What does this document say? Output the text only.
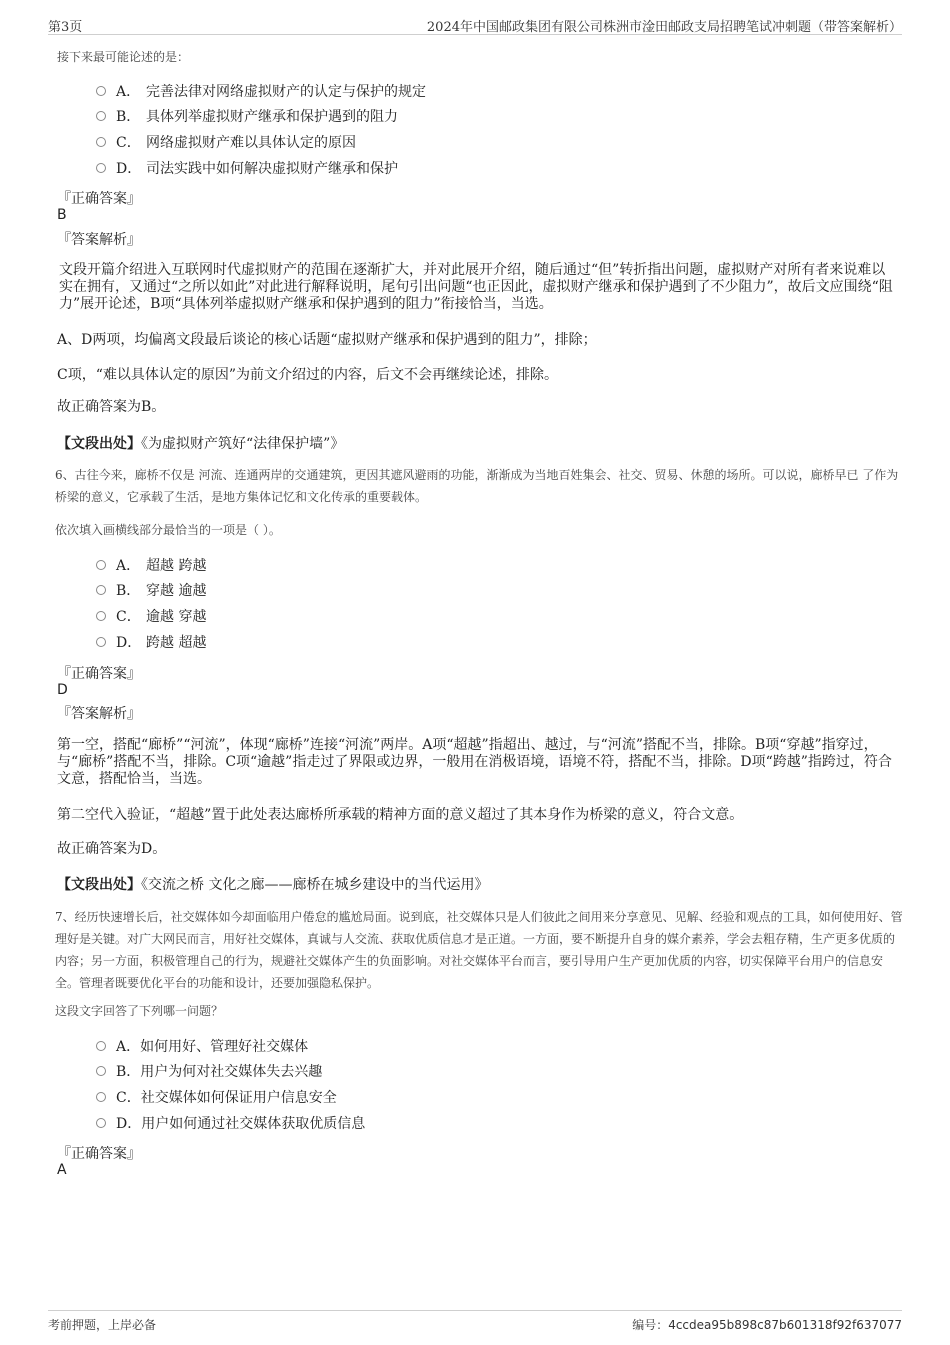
第3页	2024年中国邮政集团有限公司株洲市淦田邮政支局招聘笔试冲刺题（带答案解析）
接下来最可能论述的是：
A． 完善法律对网络虚拟财产的认定与保护的规定
B． 具体列举虚拟财产继承和保护遇到的阻力
C． 网络虚拟财产难以具体认定的原因
D． 司法实践中如何解决虚拟财产继承和保护
『正确答案』
B
『答案解析』
文段开篇介绍进入互联网时代虚拟财产的范围在逐渐扩大，并对此展开介绍，随后通过“但”转折指出问题，虚拟财产对所有者来说难以实在拥有，又通过“之所以如此”对此进行解释说明，尾句引出问题“也正因此，虚拟财产继承和保护遇到了不少阻力”，故后文应围绕“阻力”展开论述，B项“具体列举虚拟财产继承和保护遇到的阻力”衔接恰当，当选。
A、D两项，均偏离文段最后谈论的核心话题“虚拟财产继承和保护遇到的阻力”，排除；
C项，“难以具体认定的原因”为前文介绍过的内容，后文不会再继续论述，排除。
故正确答案为B。
【文段出处】《为虚拟财产筑好“法律保护墙”》
6、古往今来，廊桥不仅是 河流、连通两岸的交通建筑，更因其遮风避雨的功能，渐渐成为当地百姓集会、社交、贸易、休憩的场所。可以说，廊桥早已 了作为桥梁的意义，它承载了生活，是地方集体记忆和文化传承的重要载体。
依次填入画横线部分最恰当的一项是（ ）。
A． 超越 跨越
B． 穿越 逾越
C． 逾越 穿越
D． 跨越 超越
『正确答案』
D
『答案解析』
第一空，搭配“廊桥”“河流”，体现“廊桥”连接“河流”两岸。A项“超越”指超出、越过，与“河流”搭配不当，排除。B项“穿越”指穿过，与“廊桥”搭配不当，排除。C项“逾越”指走过了界限或边界，一般用在消极语境，语境不符，搭配不当，排除。D项“跨越”指跨过，符合文意，搭配恰当，当选。
第二空代入验证，“超越”置于此处表达廊桥所承载的精神方面的意义超过了其本身作为桥梁的意义，符合文意。
故正确答案为D。
【文段出处】《交流之桥 文化之廊——廊桥在城乡建设中的当代运用》
7、经历快速增长后，社交媒体如今却面临用户倦怠的尴尬局面。说到底，社交媒体只是人们彼此之间用来分享意见、见解、经验和观点的工具，如何使用好、管理好是关键。对广大网民而言，用好社交媒体，真诚与人交流、获取优质信息才是正道。一方面，要不断提升自身的媒介素养，学会去粗存精，生产更多优质的内容；另一方面，积极管理自己的行为，规避社交媒体产生的负面影响。对社交媒体平台而言，要引导用户生产更加优质的内容，切实保障平台用户的信息安全。管理者既要优化平台的功能和设计，还要加强隐私保护。
这段文字回答了下列哪一问题？
A．如何用好、管理好社交媒体
B．用户为何对社交媒体失去兴趣
C．社交媒体如何保证用户信息安全
D．用户如何通过社交媒体获取优质信息
『正确答案』
A
考前押题，上岸必备	编号：4ccdea95b898c87b601318f92f637077
